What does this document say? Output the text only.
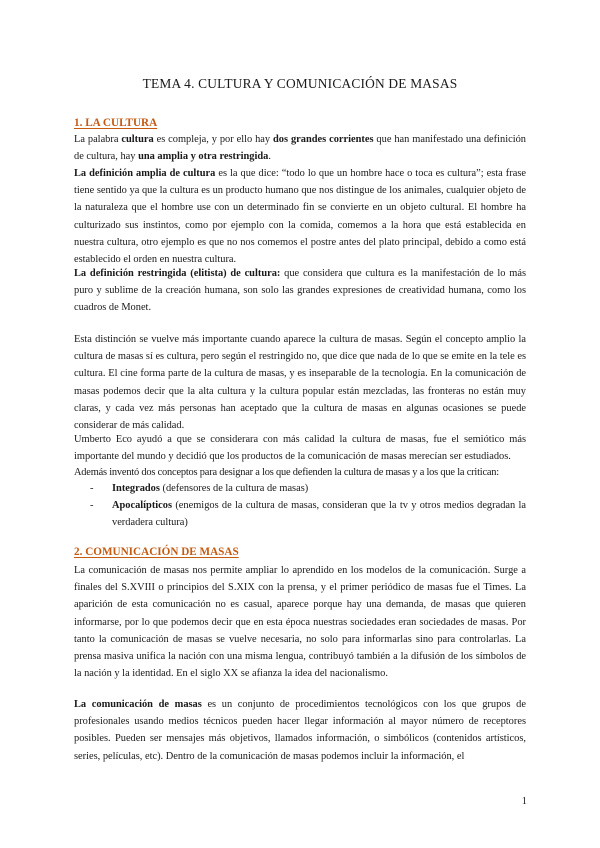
TEMA 4. CULTURA Y COMUNICACIÓN DE MASAS
1. LA CULTURA

La palabra cultura es compleja, y por ello hay dos grandes corrientes que han manifestado una definición de cultura, hay una amplia y otra restringida.

La definición amplia de cultura es la que dice: “todo lo que un hombre hace o toca es cultura”; esta frase tiene sentido ya que la cultura es un producto humano que nos distingue de los animales, cualquier objeto de la naturaleza que el hombre use con un determinado fin se convierte en un objeto cultural. El hombre ha culturizado sus instintos, como por ejemplo con la comida, comemos a la hora que está establecida en nuestra cultura, otro ejemplo es que no nos comemos el postre antes del plato principal, debido a como está establecido el orden en nuestra cultura.

La definición restringida (elitista) de cultura: que considera que cultura es la manifestación de lo más puro y sublime de la creación humana, son solo las grandes expresiones de creatividad humana, como los cuadros de Monet.

Esta distinción se vuelve más importante cuando aparece la cultura de masas. Según el concepto amplio la cultura de masas sí es cultura, pero según el restringido no, que dice que nada de lo que se emite en la tele es cultura. El cine forma parte de la cultura de masas, y es inseparable de la tecnología. En la comunicación de masas podemos decir que la alta cultura y la cultura popular están mezcladas, las fronteras no están muy claras, y cada vez más personas han aceptado que la cultura de masas en algunas ocasiones se puede considerar de más calidad.

Umberto Eco ayudó a que se considerara con más calidad la cultura de masas, fue el semiótico más importante del mundo y decidió que los productos de la comunicación de masas merecían ser estudiados.

Además inventó dos conceptos para designar a los que defienden la cultura de masas y a los que la critican:

- Integrados (defensores de la cultura de masas)
- Apocalípticos (enemigos de la cultura de masas, consideran que la tv y otros medios degradan la verdadera cultura)
2. COMUNICACIÓN DE MASAS

La comunicación de masas nos permite ampliar lo aprendido en los modelos de la comunicación. Surge a finales del S.XVIII o principios del S.XIX con la prensa, y el primer periódico de masas fue el Times. La aparición de esta comunicación no es casual, aparece porque hay una demanda, de masas que quieren informarse, por lo que podemos decir que en esta época nuestras sociedades eran sociedades de masas. Por tanto la comunicación de masas se vuelve necesaria, no solo para informarlas sino para controlarlas. La prensa masiva unifica la nación con una misma lengua, contribuyó también a la difusión de los símbolos de la nación y la identidad. En el siglo XX se afianza la idea del nacionalismo.

La comunicación de masas es un conjunto de procedimientos tecnológicos con los que grupos de profesionales usando medios técnicos pueden hacer llegar información al mayor número de receptores posibles. Pueden ser mensajes más objetivos, llamados información, o simbólicos (contenidos artísticos, series, películas, etc). Dentro de la comunicación de masas podemos incluir la información, el

1
